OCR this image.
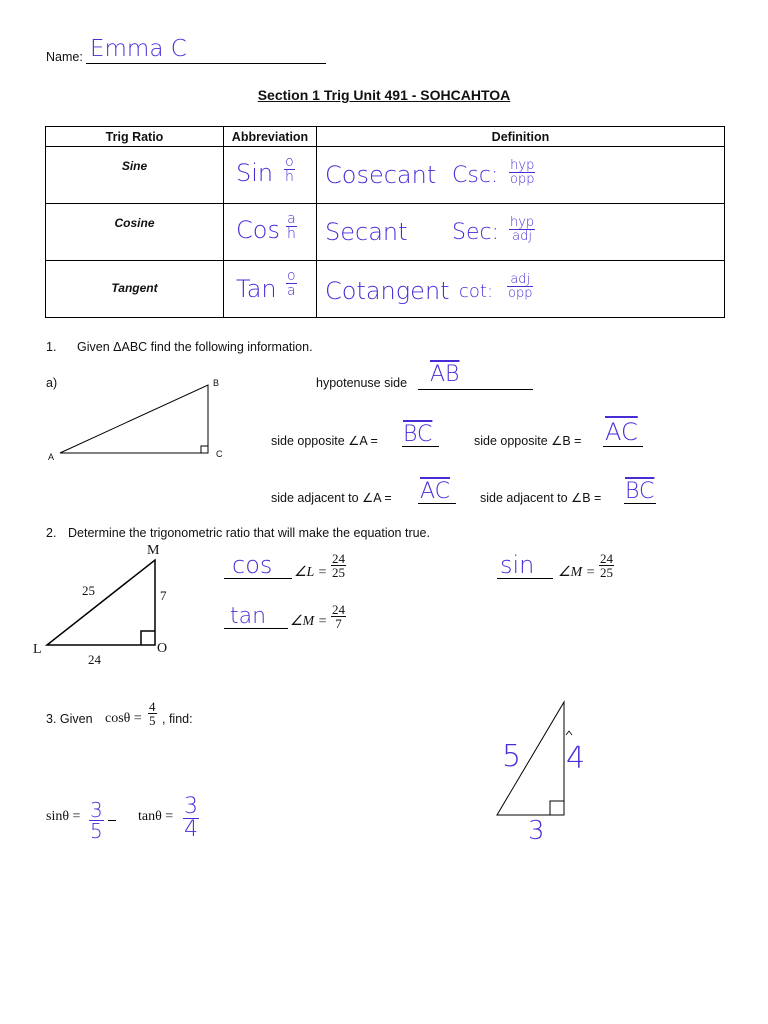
Name: Emma C
Section 1 Trig Unit 491 - SOHCAHTOA
Trig Ratio	Abbreviation	Definition
Sine	Sin $\frac{o}{h}$	Cosecant Csc: hyp
opp

Cosine	Cos $\frac{a}{h}$	Secant Sec: hyp
adj

Tangent	Tan $\frac{o}{a}$	Cotangent cot:
adj
opp
1. Given ΔABC find the following information.
a)
A
B
C
hypotenuse side $\overline{AB}$
side opposite ∠A = $\overline{BC}$	side opposite ∠B = $\overline{AC}$
side adjacent to ∠A = $\overline{AC}$ side adjacent to ∠B = $\overline{BC}$
2. Determine the trigonometric ratio that will make the equation true.
M
L	O
25	7
24
cos ∠L = $\frac{24}{25}$
tan ∠M = $\frac{24}{7}$
sin ∠M = $\frac{24}{25}$
3. Given $\cos\theta = \frac{4}{5}$ , find:
$\sin\theta = \frac{3}{5}$ $\tan\theta = \frac{3}{4}$
5 4
3
